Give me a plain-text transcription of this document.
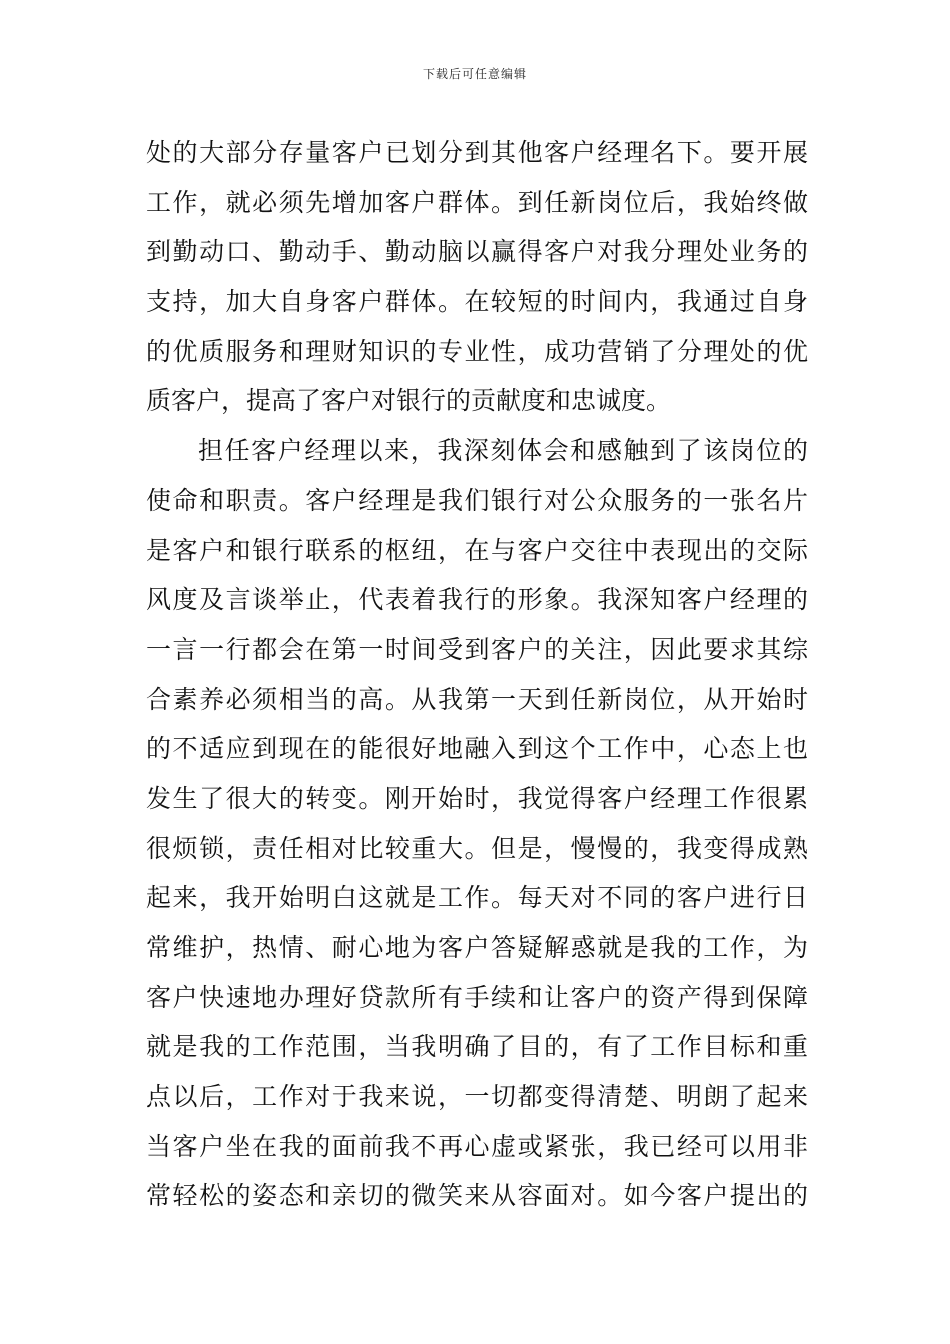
下载后可任意编辑
处的大部分存量客户已划分到其他客户经理名下。要开展
工作，就必须先增加客户群体。到任新岗位后，我始终做
到勤动口、勤动手、勤动脑以赢得客户对我分理处业务的
支持，加大自身客户群体。在较短的时间内，我通过自身
的优质服务和理财知识的专业性，成功营销了分理处的优
质客户，提高了客户对银行的贡献度和忠诚度。
担任客户经理以来，我深刻体会和感触到了该岗位的
使命和职责。客户经理是我们银行对公众服务的一张名片
是客户和银行联系的枢纽，在与客户交往中表现出的交际
风度及言谈举止，代表着我行的形象。我深知客户经理的
一言一行都会在第一时间受到客户的关注，因此要求其综
合素养必须相当的高。从我第一天到任新岗位，从开始时
的不适应到现在的能很好地融入到这个工作中，心态上也
发生了很大的转变。刚开始时，我觉得客户经理工作很累
很烦锁，责任相对比较重大。但是，慢慢的，我变得成熟
起来，我开始明白这就是工作。每天对不同的客户进行日
常维护，热情、耐心地为客户答疑解惑就是我的工作，为
客户快速地办理好贷款所有手续和让客户的资产得到保障
就是我的工作范围，当我明确了目的，有了工作目标和重
点以后，工作对于我来说，一切都变得清楚、明朗了起来
当客户坐在我的面前我不再心虚或紧张，我已经可以用非
常轻松的姿态和亲切的微笑来从容面对。如今客户提出的
